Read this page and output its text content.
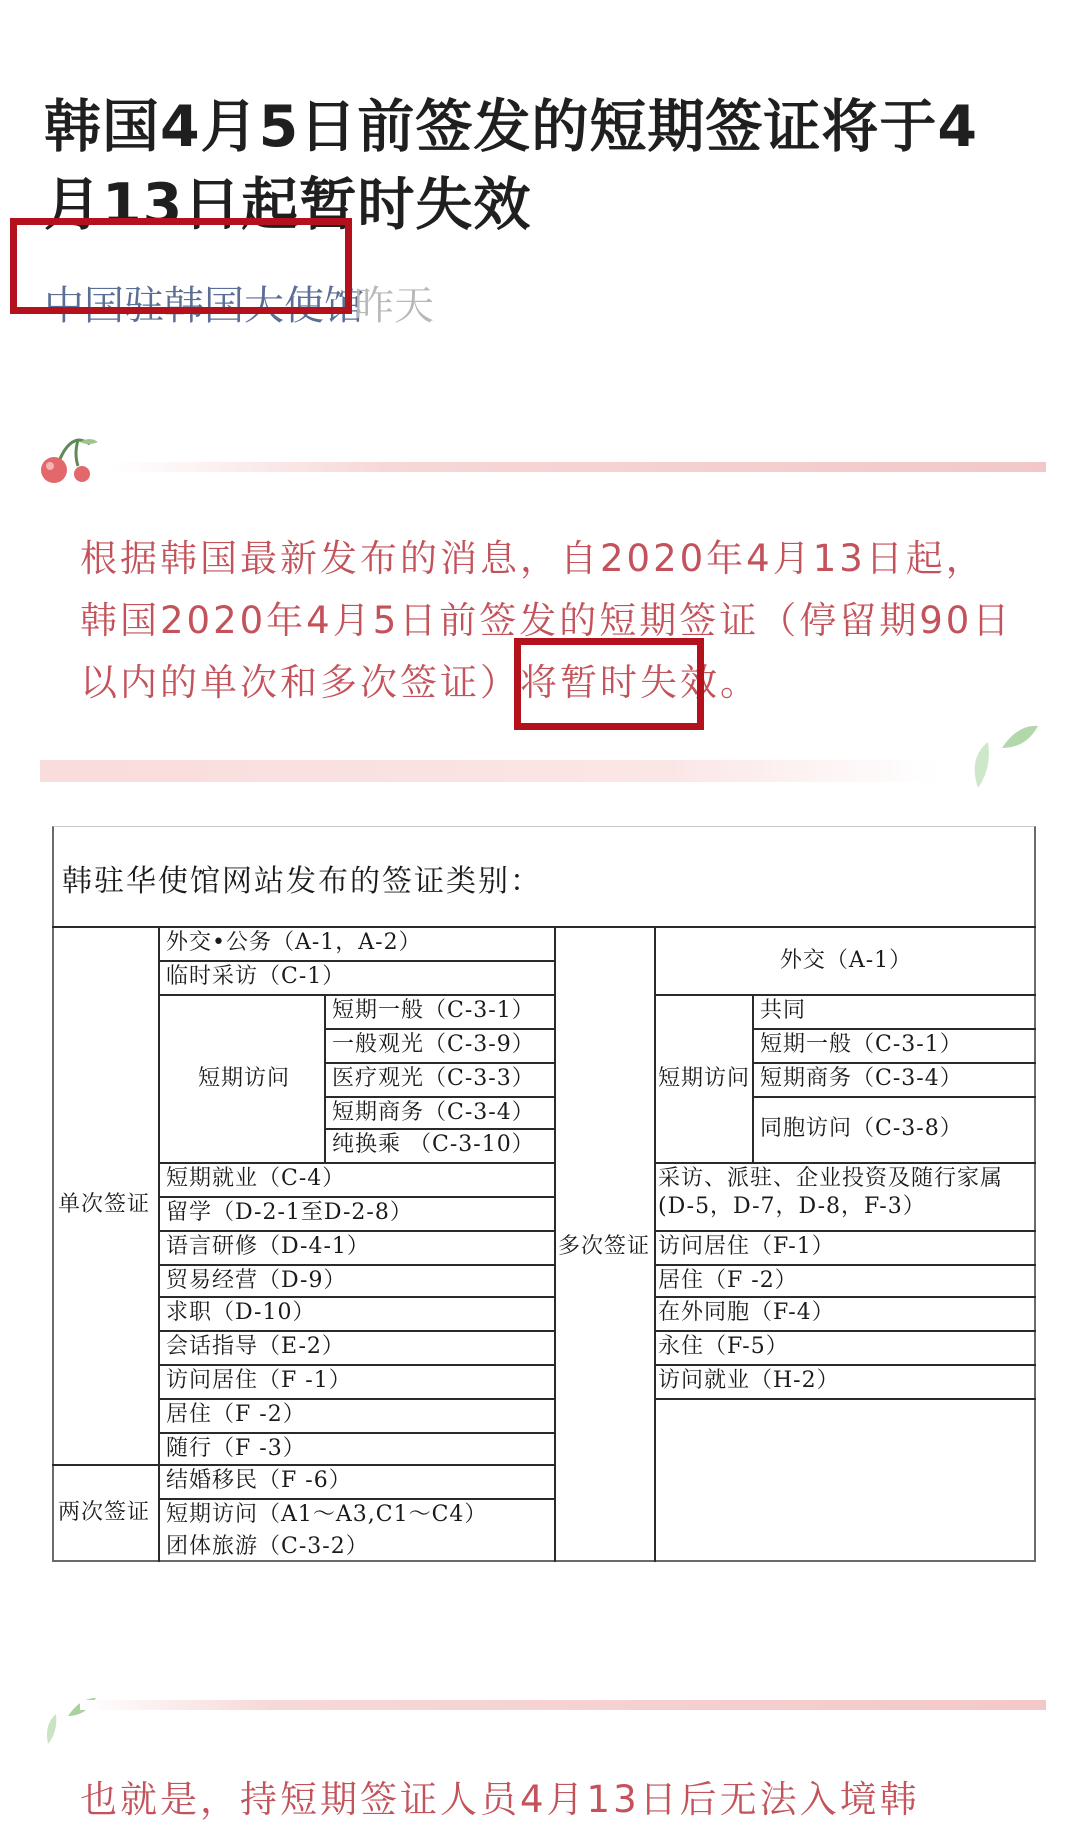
韩国4月5日前签发的短期签证将于4月13日起暂时失效
中国驻韩国大使馆
昨天
根据韩国最新发布的消息，自2020年4月13日起，韩国2020年4月5日前签发的短期签证（停留期90日以内的单次和多次签证）将暂时失效。
韩驻华使馆网站发布的签证类别：
单次签证
外交•公务（A-1，A-2）
临时采访（C-1）
短期访问
短期一般（C-3-1）
一般观光（C-3-9）
医疗观光（C-3-3）
短期商务（C-3-4）
纯换乘 （C-3-10）
短期就业（C-4）
留学（D-2-1至D-2-8）
语言研修（D-4-1）
贸易经营（D-9）
求职（D-10）
会话指导（E-2）
访问居住（F -1）
居住（F -2）
随行（F -3）
结婚移民（F -6）
两次签证 短期访问（A1～A3,C1～C4）
团体旅游（C-3-2）
多次签证
外交（A-1）
短期访问
共同
短期一般（C-3-1）
短期商务（C-3-4）
同胞访问（C-3-8）
采访、派驻、企业投资及随行家属
(D-5，D-7，D-8，F-3）
访问居住（F-1）
居住（F -2）
在外同胞（F-4）
永住（F-5）
访问就业（H-2）
也就是，持短期签证人员4月13日后无法入境韩
